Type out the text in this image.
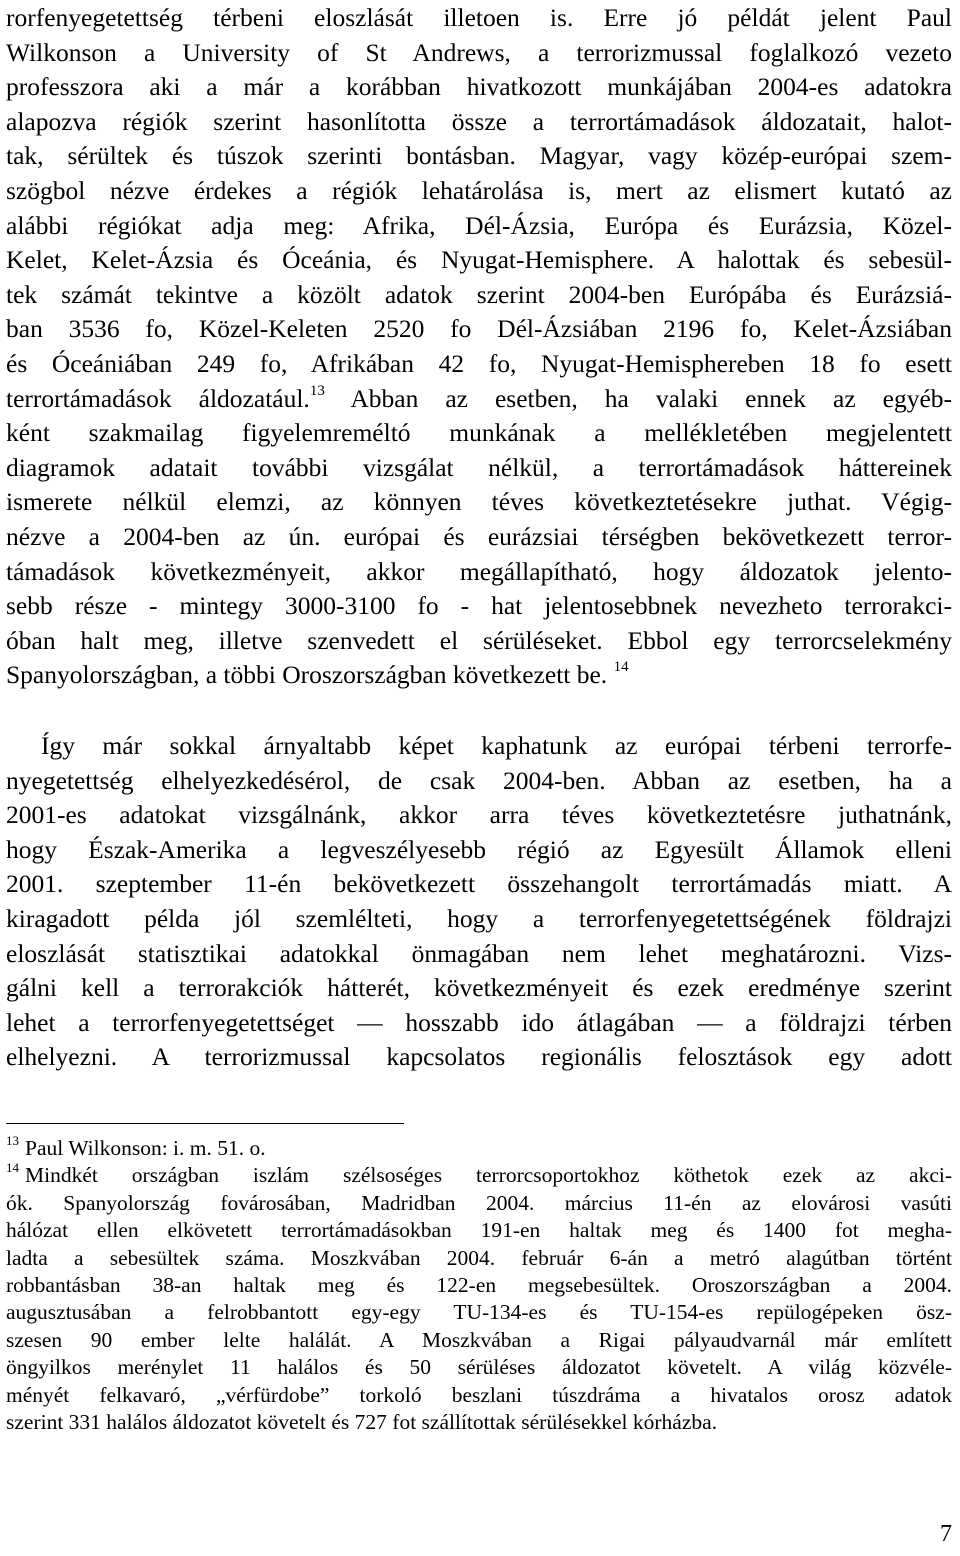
rorfenyegetettség térbeni eloszlását illetoen is. Erre jó példát jelent Paul
Wilkonson a University of St Andrews, a terrorizmussal foglalkozó vezeto
professzora aki a már a korábban hivatkozott munkájában 2004-es adatokra
alapozva régiók szerint hasonlította össze a terrortámadások áldozatait, halot-
tak, sérültek és túszok szerinti bontásban. Magyar, vagy közép-európai szem-
szögbol nézve érdekes a régiók lehatárolása is, mert az elismert kutató az
alábbi régiókat adja meg: Afrika, Dél-Ázsia, Európa és Eurázsia, Közel-
Kelet, Kelet-Ázsia és Óceánia, és Nyugat-Hemisphere. A halottak és sebesül-
tek számát tekintve a közölt adatok szerint 2004-ben Európába és Eurázsiá-
ban 3536 fo, Közel-Keleten 2520 fo Dél-Ázsiában 2196 fo, Kelet-Ázsiában
és Óceániában 249 fo, Afrikában 42 fo, Nyugat-Hemisphereben 18 fo esett
terrortámadások áldozatául.$^{13}$ Abban az esetben, ha valaki ennek az egyéb-
ként szakmailag figyelemreméltó munkának a mellékletében megjelentett
diagramok adatait további vizsgálat nélkül, a terrortámadások háttereinek
ismerete nélkül elemzi, az könnyen téves következtetésekre juthat. Végig-
nézve a 2004-ben az ún. európai és eurázsiai térségben bekövetkezett terror-
támadások következményeit, akkor megállapítható, hogy áldozatok jelento-
sebb része - mintegy 3000-3100 fo - hat jelentosebbnek nevezheto terrorakci-
óban halt meg, illetve szenvedett el sérüléseket. Ebbol egy terrorcselekmény
Spanyolországban, a többi Oroszországban következett be. $^{14}$
Így már sokkal árnyaltabb képet kaphatunk az európai térbeni terrorfe-
nyegetettség elhelyezkedésérol, de csak 2004-ben. Abban az esetben, ha a
2001-es adatokat vizsgálnánk, akkor arra téves következtetésre juthatnánk,
hogy Észak-Amerika a legveszélyesebb régió az Egyesült Államok elleni
2001. szeptember 11-én bekövetkezett összehangolt terrortámadás miatt. A
kiragadott példa jól szemlélteti, hogy a terrorfenyegetettségének földrajzi
eloszlását statisztikai adatokkal önmagában nem lehet meghatározni. Vizs-
gálni kell a terrorakciók hátterét, következményeit és ezek eredménye szerint
lehet a terrorfenyegetettséget — hosszabb ido átlagában — a földrajzi térben
elhelyezni. A terrorizmussal kapcsolatos regionális felosztások egy adott

$^{13}$ Paul Wilkonson: i. m. 51. o.

$^{14}$ Mindkét országban iszlám szélsoséges terrorcsoportokhoz köthetok ezek az akci-
ók. Spanyolország fovárosában, Madridban 2004. március 11-én az elovárosi vasúti
hálózat ellen elkövetett terrortámadásokban 191-en haltak meg és 1400 fot megha-
ladta a sebesültek száma. Moszkvában 2004. február 6-án a metró alagútban történt
robbantásban 38-an haltak meg és 122-en megsebesültek. Oroszországban a 2004.
augusztusában a felrobbantott egy-egy TU-134-es és TU-154-es repülogépeken ösz-
szesen 90 ember lelte halálát. A Moszkvában a Rigai pályaudvarnál már említett
öngyilkos merénylet 11 halálos és 50 sérüléses áldozatot követelt. A világ közvéle-
ményét felkavaró, „vérfürdobe” torkoló beszlani túszdráma a hivatalos orosz adatok
szerint 331 halálos áldozatot követelt és 727 fot szállítottak sérülésekkel kórházba.

7
